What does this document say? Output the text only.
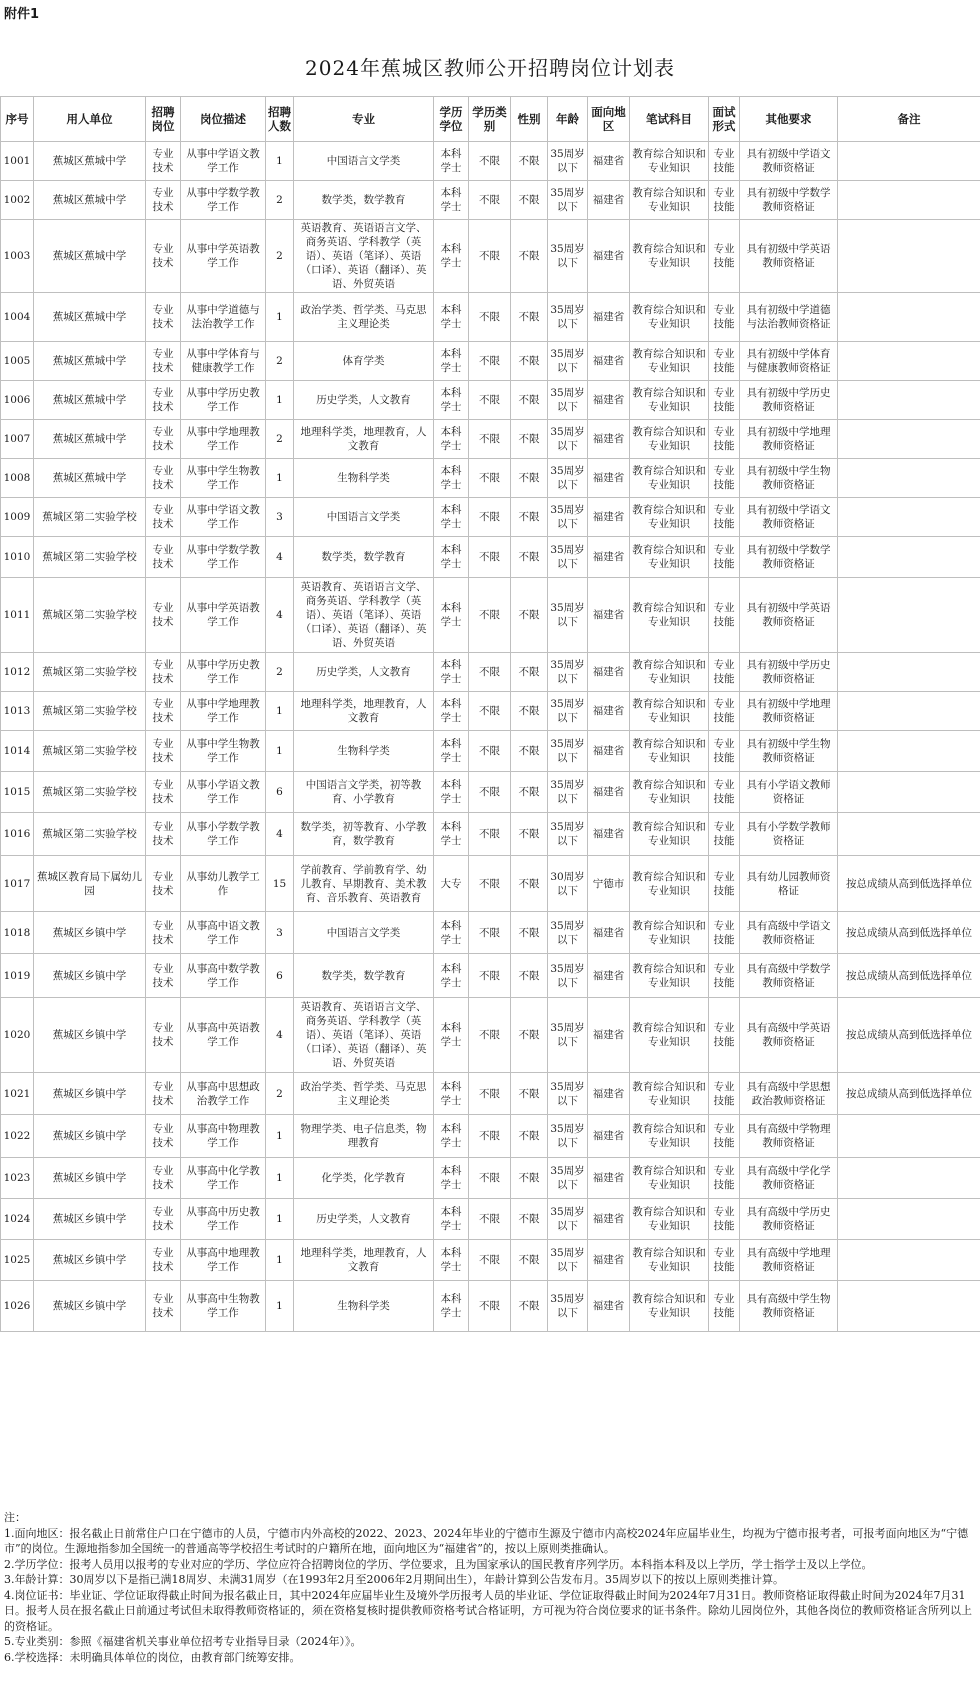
附件1
2024年蕉城区教师公开招聘岗位计划表
序号	用人单位	招聘岗位	岗位描述	招聘人数	专业	学历学位	学历类别	性别	年龄	面向地区	笔试科目	面试形式	其他要求	备注
1001	蕉城区蕉城中学	专业技术	从事中学语文教学工作	1	中国语言文学类	本科学士	不限	不限	35周岁以下	福建省	教育综合知识和专业知识	专业技能	具有初级中学语文教师资格证	
1002	蕉城区蕉城中学	专业技术	从事中学数学教学工作	2	数学类，数学教育	本科学士	不限	不限	35周岁以下	福建省	教育综合知识和专业知识	专业技能	具有初级中学数学教师资格证	
1003	蕉城区蕉城中学	专业技术	从事中学英语教学工作	2	英语教育、英语语言文学、商务英语、学科教学（英语）、英语（笔译）、英语（口译）、英语（翻译）、英语、外贸英语	本科学士	不限	不限	35周岁以下	福建省	教育综合知识和专业知识	专业技能	具有初级中学英语教师资格证	
1004	蕉城区蕉城中学	专业技术	从事中学道德与法治教学工作	1	政治学类、哲学类、马克思主义理论类	本科学士	不限	不限	35周岁以下	福建省	教育综合知识和专业知识	专业技能	具有初级中学道德与法治教师资格证	
1005	蕉城区蕉城中学	专业技术	从事中学体育与健康教学工作	2	体育学类	本科学士	不限	不限	35周岁以下	福建省	教育综合知识和专业知识	专业技能	具有初级中学体育与健康教师资格证	
1006	蕉城区蕉城中学	专业技术	从事中学历史教学工作	1	历史学类，人文教育	本科学士	不限	不限	35周岁以下	福建省	教育综合知识和专业知识	专业技能	具有初级中学历史教师资格证	
1007	蕉城区蕉城中学	专业技术	从事中学地理教学工作	2	地理科学类，地理教育，人文教育	本科学士	不限	不限	35周岁以下	福建省	教育综合知识和专业知识	专业技能	具有初级中学地理教师资格证	
1008	蕉城区蕉城中学	专业技术	从事中学生物教学工作	1	生物科学类	本科学士	不限	不限	35周岁以下	福建省	教育综合知识和专业知识	专业技能	具有初级中学生物教师资格证	
1009	蕉城区第二实验学校	专业技术	从事中学语文教学工作	3	中国语言文学类	本科学士	不限	不限	35周岁以下	福建省	教育综合知识和专业知识	专业技能	具有初级中学语文教师资格证	
1010	蕉城区第二实验学校	专业技术	从事中学数学教学工作	4	数学类，数学教育	本科学士	不限	不限	35周岁以下	福建省	教育综合知识和专业知识	专业技能	具有初级中学数学教师资格证	
1011	蕉城区第二实验学校	专业技术	从事中学英语教学工作	4	英语教育、英语语言文学、商务英语、学科教学（英语）、英语（笔译）、英语（口译）、英语（翻译）、英语、外贸英语	本科学士	不限	不限	35周岁以下	福建省	教育综合知识和专业知识	专业技能	具有初级中学英语教师资格证	
1012	蕉城区第二实验学校	专业技术	从事中学历史教学工作	2	历史学类，人文教育	本科学士	不限	不限	35周岁以下	福建省	教育综合知识和专业知识	专业技能	具有初级中学历史教师资格证	
1013	蕉城区第二实验学校	专业技术	从事中学地理教学工作	1	地理科学类，地理教育，人文教育	本科学士	不限	不限	35周岁以下	福建省	教育综合知识和专业知识	专业技能	具有初级中学地理教师资格证	
1014	蕉城区第二实验学校	专业技术	从事中学生物教学工作	1	生物科学类	本科学士	不限	不限	35周岁以下	福建省	教育综合知识和专业知识	专业技能	具有初级中学生物教师资格证	
1015	蕉城区第二实验学校	专业技术	从事小学语文教学工作	6	中国语言文学类，初等教育、小学教育	本科学士	不限	不限	35周岁以下	福建省	教育综合知识和专业知识	专业技能	具有小学语文教师资格证	
1016	蕉城区第二实验学校	专业技术	从事小学数学教学工作	4	数学类，初等教育、小学教育，数学教育	本科学士	不限	不限	35周岁以下	福建省	教育综合知识和专业知识	专业技能	具有小学数学教师资格证	
1017	蕉城区教育局下属幼儿园	专业技术	从事幼儿教学工作	15	学前教育、学前教育学、幼儿教育、早期教育、美术教育、音乐教育、英语教育	大专	不限	不限	30周岁以下	宁德市	教育综合知识和专业知识	专业技能	具有幼儿园教师资格证	按总成绩从高到低选择单位
1018	蕉城区乡镇中学	专业技术	从事高中语文教学工作	3	中国语言文学类	本科学士	不限	不限	35周岁以下	福建省	教育综合知识和专业知识	专业技能	具有高级中学语文教师资格证	按总成绩从高到低选择单位
1019	蕉城区乡镇中学	专业技术	从事高中数学教学工作	6	数学类，数学教育	本科学士	不限	不限	35周岁以下	福建省	教育综合知识和专业知识	专业技能	具有高级中学数学教师资格证	按总成绩从高到低选择单位
1020	蕉城区乡镇中学	专业技术	从事高中英语教学工作	4	英语教育、英语语言文学、商务英语、学科教学（英语）、英语（笔译）、英语（口译）、英语（翻译）、英语、外贸英语	本科学士	不限	不限	35周岁以下	福建省	教育综合知识和专业知识	专业技能	具有高级中学英语教师资格证	按总成绩从高到低选择单位
1021	蕉城区乡镇中学	专业技术	从事高中思想政治教学工作	2	政治学类、哲学类、马克思主义理论类	本科学士	不限	不限	35周岁以下	福建省	教育综合知识和专业知识	专业技能	具有高级中学思想政治教师资格证	按总成绩从高到低选择单位
1022	蕉城区乡镇中学	专业技术	从事高中物理教学工作	1	物理学类、电子信息类，物理教育	本科学士	不限	不限	35周岁以下	福建省	教育综合知识和专业知识	专业技能	具有高级中学物理教师资格证	
1023	蕉城区乡镇中学	专业技术	从事高中化学教学工作	1	化学类，化学教育	本科学士	不限	不限	35周岁以下	福建省	教育综合知识和专业知识	专业技能	具有高级中学化学教师资格证	
1024	蕉城区乡镇中学	专业技术	从事高中历史教学工作	1	历史学类，人文教育	本科学士	不限	不限	35周岁以下	福建省	教育综合知识和专业知识	专业技能	具有高级中学历史教师资格证	
1025	蕉城区乡镇中学	专业技术	从事高中地理教学工作	1	地理科学类，地理教育，人文教育	本科学士	不限	不限	35周岁以下	福建省	教育综合知识和专业知识	专业技能	具有高级中学地理教师资格证	
1026	蕉城区乡镇中学	专业技术	从事高中生物教学工作	1	生物科学类	本科学士	不限	不限	35周岁以下	福建省	教育综合知识和专业知识	专业技能	具有高级中学生物教师资格证	

注：

1.面向地区：报名截止日前常住户口在宁德市的人员，宁德市内外高校的2022、2023、2024年毕业的宁德市生源及宁德市内高校2024年应届毕业生，均视为宁德市报考者，可报考面向地区为“宁德市”的岗位。生源地指参加全国统一的普通高等学校招生考试时的户籍所在地，面向地区为“福建省”的，按以上原则类推确认。

2.学历学位：报考人员用以报考的专业对应的学历、学位应符合招聘岗位的学历、学位要求，且为国家承认的国民教育序列学历。本科指本科及以上学历，学士指学士及以上学位。

3.年龄计算：30周岁以下是指已满18周岁、未满31周岁（在1993年2月至2006年2月期间出生），年龄计算到公告发布月。35周岁以下的按以上原则类推计算。

4.岗位证书：毕业证、学位证取得截止时间为报名截止日，其中2024年应届毕业生及境外学历报考人员的毕业证、学位证取得截止时间为2024年7月31日。教师资格证取得截止时间为2024年7月31日。报考人员在报名截止日前通过考试但未取得教师资格证的，须在资格复核时提供教师资格考试合格证明，方可视为符合岗位要求的证书条件。除幼儿园岗位外，其他各岗位的教师资格证含所列以上的资格证。

5.专业类别：参照《福建省机关事业单位招考专业指导目录（2024年）》。

6.学校选择：未明确具体单位的岗位，由教育部门统筹安排。
